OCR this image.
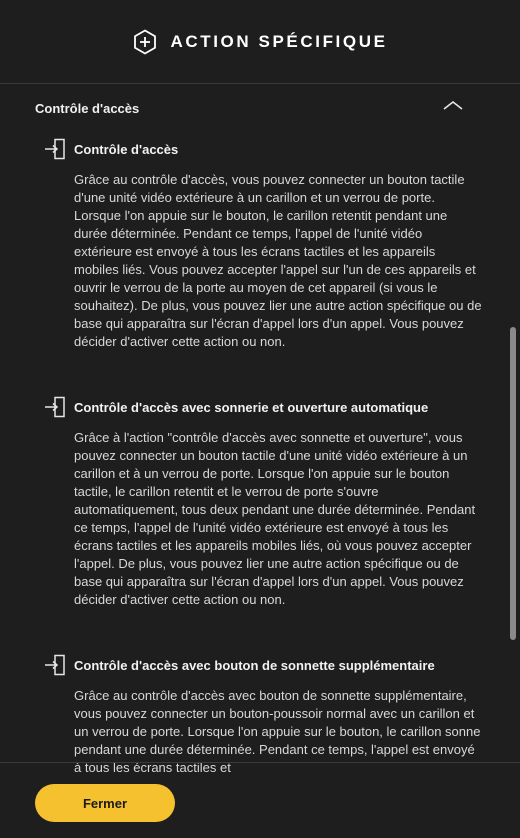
ACTION SPÉCIFIQUE
Contrôle d'accès
Contrôle d'accès
Grâce au contrôle d'accès, vous pouvez connecter un bouton tactile d'une unité vidéo extérieure à un carillon et un verrou de porte. Lorsque l'on appuie sur le bouton, le carillon retentit pendant une durée déterminée. Pendant ce temps, l'appel de l'unité vidéo extérieure est envoyé à tous les écrans tactiles et les appareils mobiles liés. Vous pouvez accepter l'appel sur l'un de ces appareils et ouvrir le verrou de la porte au moyen de cet appareil (si vous le souhaitez). De plus, vous pouvez lier une autre action spécifique ou de base qui apparaîtra sur l'écran d'appel lors d'un appel. Vous pouvez décider d'activer cette action ou non.
Contrôle d'accès avec sonnerie et ouverture automatique
Grâce à l'action "contrôle d'accès avec sonnette et ouverture", vous pouvez connecter un bouton tactile d'une unité vidéo extérieure à un carillon et à un verrou de porte. Lorsque l'on appuie sur le bouton tactile, le carillon retentit et le verrou de porte s'ouvre automatiquement, tous deux pendant une durée déterminée. Pendant ce temps, l'appel de l'unité vidéo extérieure est envoyé à tous les écrans tactiles et les appareils mobiles liés, où vous pouvez accepter l'appel. De plus, vous pouvez lier une autre action spécifique ou de base qui apparaîtra sur l'écran d'appel lors d'un appel. Vous pouvez décider d'activer cette action ou non.
Contrôle d'accès avec bouton de sonnette supplémentaire
Grâce au contrôle d'accès avec bouton de sonnette supplémentaire, vous pouvez connecter un bouton-poussoir normal avec un carillon et un verrou de porte. Lorsque l'on appuie sur le bouton, le carillon sonne pendant une durée déterminée. Pendant ce temps, l'appel est envoyé à tous les écrans tactiles et
Fermer
